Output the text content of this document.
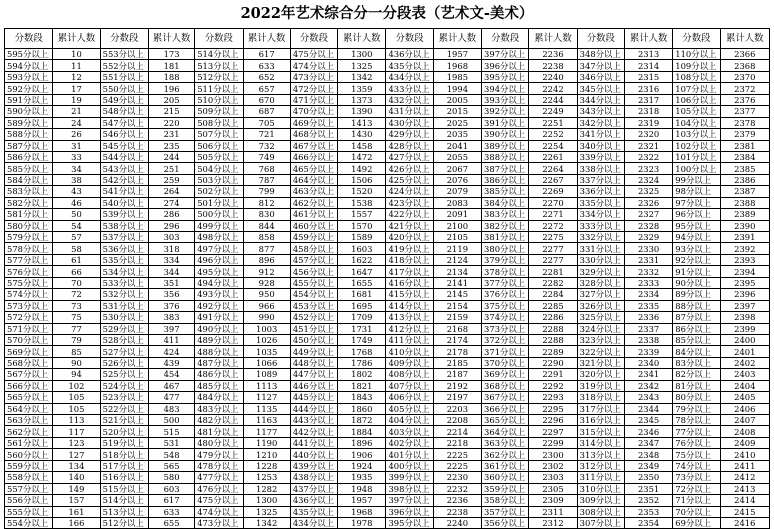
2022年艺术综合分一分段表（艺术文-美术）
分数段	累计人数	分数段	累计人数	分数段	累计人数	分数段	累计人数	分数段	累计人数	分数段	累计人数	分数段	累计人数	分数段	累计人数
595分以上	10	553分以上	173	514分以上	617	475分以上	1300	436分以上	1957	397分以上	2236	348分以上	2313	110分以上	2366
594分以上	11	552分以上	181	513分以上	633	474分以上	1325	435分以上	1968	396分以上	2238	347分以上	2314	109分以上	2368
593分以上	12	551分以上	188	512分以上	652	473分以上	1342	434分以上	1985	395分以上	2240	346分以上	2315	108分以上	2370
592分以上	17	550分以上	196	511分以上	657	472分以上	1359	433分以上	1994	394分以上	2242	345分以上	2316	107分以上	2372
591分以上	19	549分以上	205	510分以上	670	471分以上	1373	432分以上	2005	393分以上	2244	344分以上	2317	106分以上	2376
590分以上	21	548分以上	215	509分以上	687	470分以上	1390	431分以上	2015	392分以上	2249	343分以上	2318	105分以上	2377
589分以上	24	547分以上	220	508分以上	705	469分以上	1413	430分以上	2025	391分以上	2251	342分以上	2319	104分以上	2378
588分以上	26	546分以上	231	507分以上	721	468分以上	1430	429分以上	2035	390分以上	2252	341分以上	2320	103分以上	2379
587分以上	31	545分以上	235	506分以上	732	467分以上	1458	428分以上	2041	389分以上	2254	340分以上	2321	102分以上	2381
586分以上	33	544分以上	244	505分以上	749	466分以上	1472	427分以上	2055	388分以上	2261	339分以上	2322	101分以上	2384
585分以上	34	543分以上	251	504分以上	768	465分以上	1492	426分以上	2067	387分以上	2264	338分以上	2323	100分以上	2385
584分以上	38	542分以上	259	503分以上	787	464分以上	1506	425分以上	2076	386分以上	2267	337分以上	2324	99分以上	2386
583分以上	43	541分以上	264	502分以上	799	463分以上	1520	424分以上	2079	385分以上	2269	336分以上	2325	98分以上	2387
582分以上	46	540分以上	274	501分以上	812	462分以上	1538	423分以上	2083	384分以上	2270	335分以上	2326	97分以上	2388
581分以上	50	539分以上	286	500分以上	830	461分以上	1557	422分以上	2091	383分以上	2271	334分以上	2327	96分以上	2389
580分以上	54	538分以上	296	499分以上	844	460分以上	1570	421分以上	2100	382分以上	2272	333分以上	2328	95分以上	2390
579分以上	57	537分以上	303	498分以上	858	459分以上	1589	420分以上	2105	381分以上	2275	332分以上	2329	94分以上	2391
578分以上	58	536分以上	318	497分以上	877	458分以上	1603	419分以上	2119	380分以上	2277	331分以上	2330	93分以上	2392
577分以上	61	535分以上	334	496分以上	896	457分以上	1622	418分以上	2124	379分以上	2277	330分以上	2331	92分以上	2393
576分以上	66	534分以上	344	495分以上	912	456分以上	1647	417分以上	2134	378分以上	2281	329分以上	2332	91分以上	2394
575分以上	70	533分以上	351	494分以上	928	455分以上	1655	416分以上	2141	377分以上	2282	328分以上	2333	90分以上	2395
574分以上	72	532分以上	356	493分以上	950	454分以上	1681	415分以上	2145	376分以上	2284	327分以上	2334	89分以上	2396
573分以上	73	531分以上	376	492分以上	966	453分以上	1695	414分以上	2154	375分以上	2285	326分以上	2335	88分以上	2397
572分以上	75	530分以上	383	491分以上	990	452分以上	1709	413分以上	2159	374分以上	2286	325分以上	2336	87分以上	2398
571分以上	77	529分以上	397	490分以上	1003	451分以上	1731	412分以上	2168	373分以上	2288	324分以上	2337	86分以上	2399
570分以上	79	528分以上	411	489分以上	1026	450分以上	1749	411分以上	2174	372分以上	2288	323分以上	2338	85分以上	2400
569分以上	85	527分以上	424	488分以上	1035	449分以上	1768	410分以上	2178	371分以上	2289	322分以上	2339	84分以上	2401
568分以上	90	526分以上	439	487分以上	1066	448分以上	1786	409分以上	2185	370分以上	2290	321分以上	2340	83分以上	2402
567分以上	94	525分以上	454	486分以上	1089	447分以上	1802	408分以上	2187	369分以上	2291	320分以上	2341	82分以上	2403
566分以上	102	524分以上	467	485分以上	1113	446分以上	1821	407分以上	2192	368分以上	2292	319分以上	2342	81分以上	2404
565分以上	105	523分以上	477	484分以上	1127	445分以上	1843	406分以上	2197	367分以上	2293	318分以上	2343	80分以上	2405
564分以上	105	522分以上	483	483分以上	1135	444分以上	1860	405分以上	2203	366分以上	2295	317分以上	2344	79分以上	2406
563分以上	113	521分以上	500	482分以上	1163	443分以上	1872	404分以上	2208	365分以上	2296	316分以上	2345	78分以上	2407
562分以上	117	520分以上	515	481分以上	1177	442分以上	1884	403分以上	2214	364分以上	2297	315分以上	2346	77分以上	2408
561分以上	123	519分以上	531	480分以上	1190	441分以上	1896	402分以上	2218	363分以上	2299	314分以上	2347	76分以上	2409
560分以上	127	518分以上	548	479分以上	1210	440分以上	1906	401分以上	2225	362分以上	2300	313分以上	2348	75分以上	2410
559分以上	134	517分以上	565	478分以上	1228	439分以上	1924	400分以上	2225	361分以上	2302	312分以上	2349	74分以上	2411
558分以上	140	516分以上	580	477分以上	1253	438分以上	1935	399分以上	2230	360分以上	2303	311分以上	2350	73分以上	2412
557分以上	149	515分以上	603	476分以上	1282	437分以上	1948	398分以上	2232	359分以上	2305	310分以上	2351	72分以上	2413
556分以上	157	514分以上	617	475分以上	1300	436分以上	1957	397分以上	2236	358分以上	2309	309分以上	2352	71分以上	2414
555分以上	161	513分以上	633	474分以上	1325	435分以上	1968	396分以上	2238	357分以上	2311	308分以上	2353	70分以上	2415
554分以上	166	512分以上	655	473分以上	1342	434分以上	1978	395分以上	2240	356分以上	2312	307分以上	2354	69分以上	2416
